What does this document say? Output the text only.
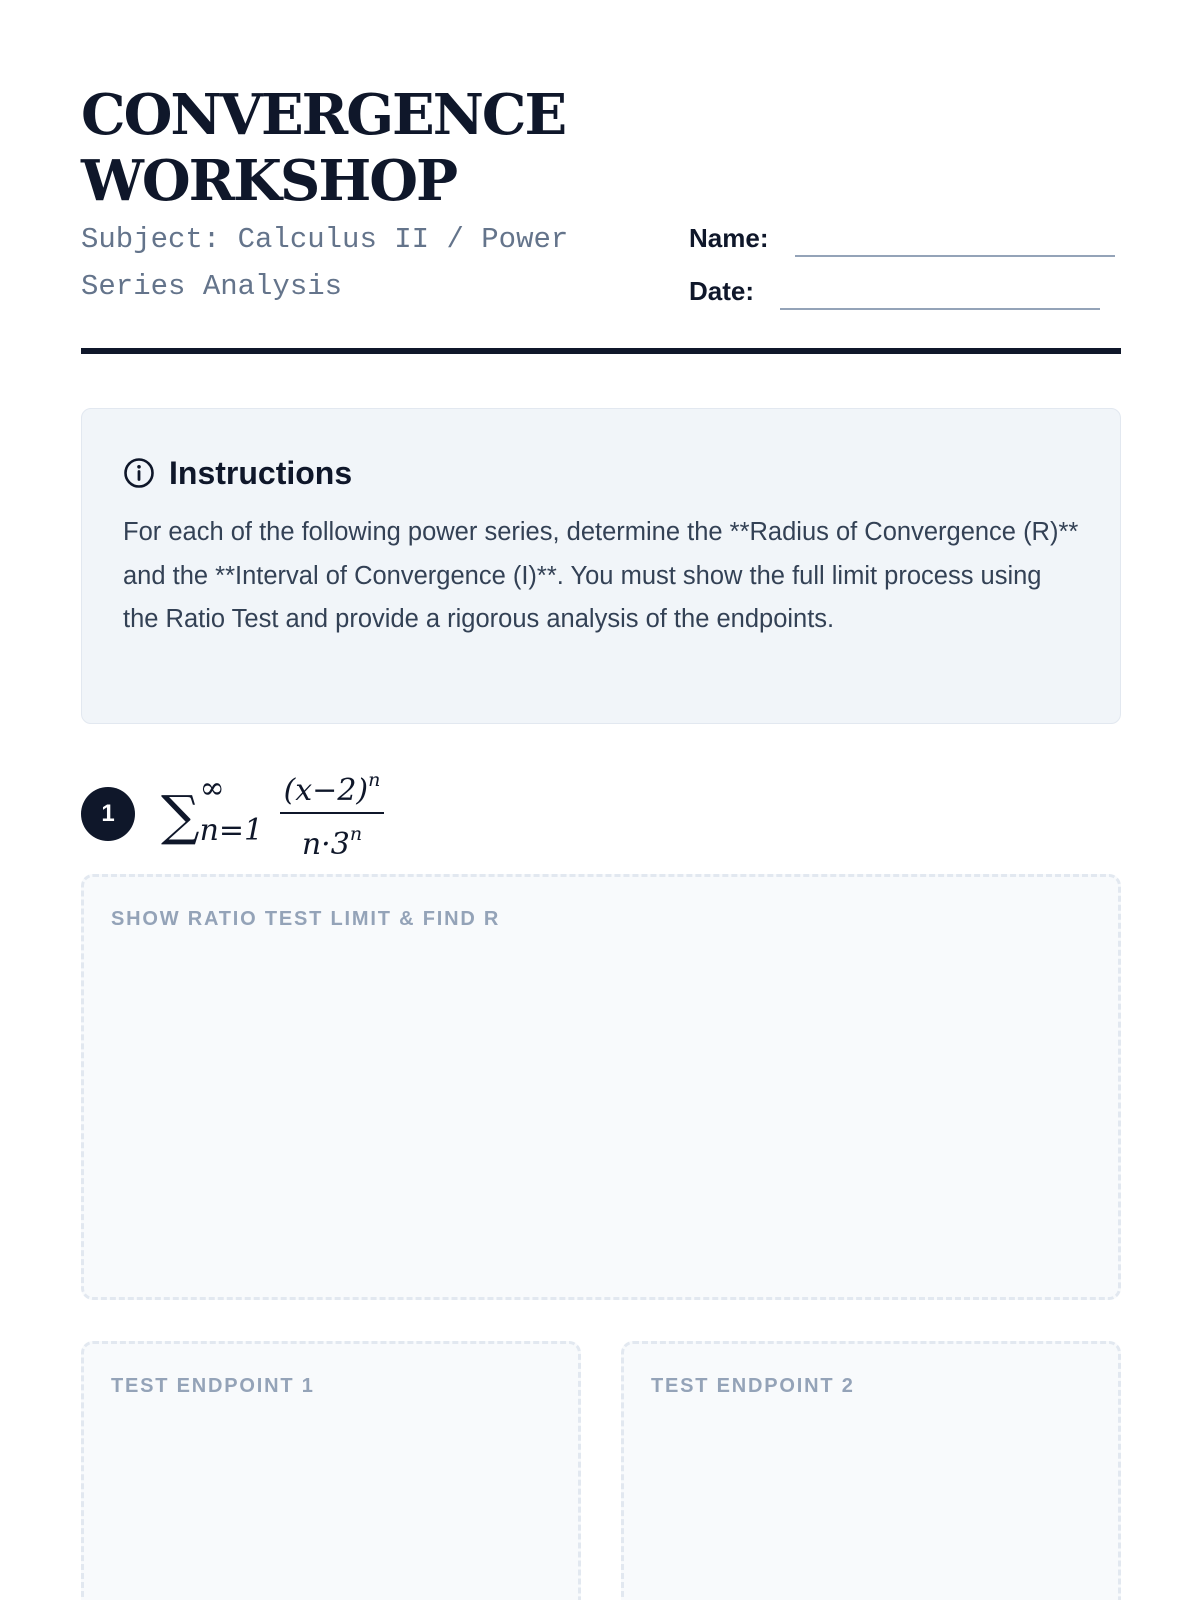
CONVERGENCE
WORKSHOP
Subject: Calculus II / Power Series Analysis
Name:
Date:
Instructions

For each of the following power series, determine the **Radius of Convergence (R)** and the **Interval of Convergence (I)**. You must show the full limit process using the Ratio Test and provide a rigorous analysis of the endpoints.

1 ∑ ∞
$n=1 \frac{(x-2)^n}{n\cdot 3^n}$
SHOW RATIO TEST LIMIT & FIND R
TEST ENDPOINT 1	TEST ENDPOINT 2
